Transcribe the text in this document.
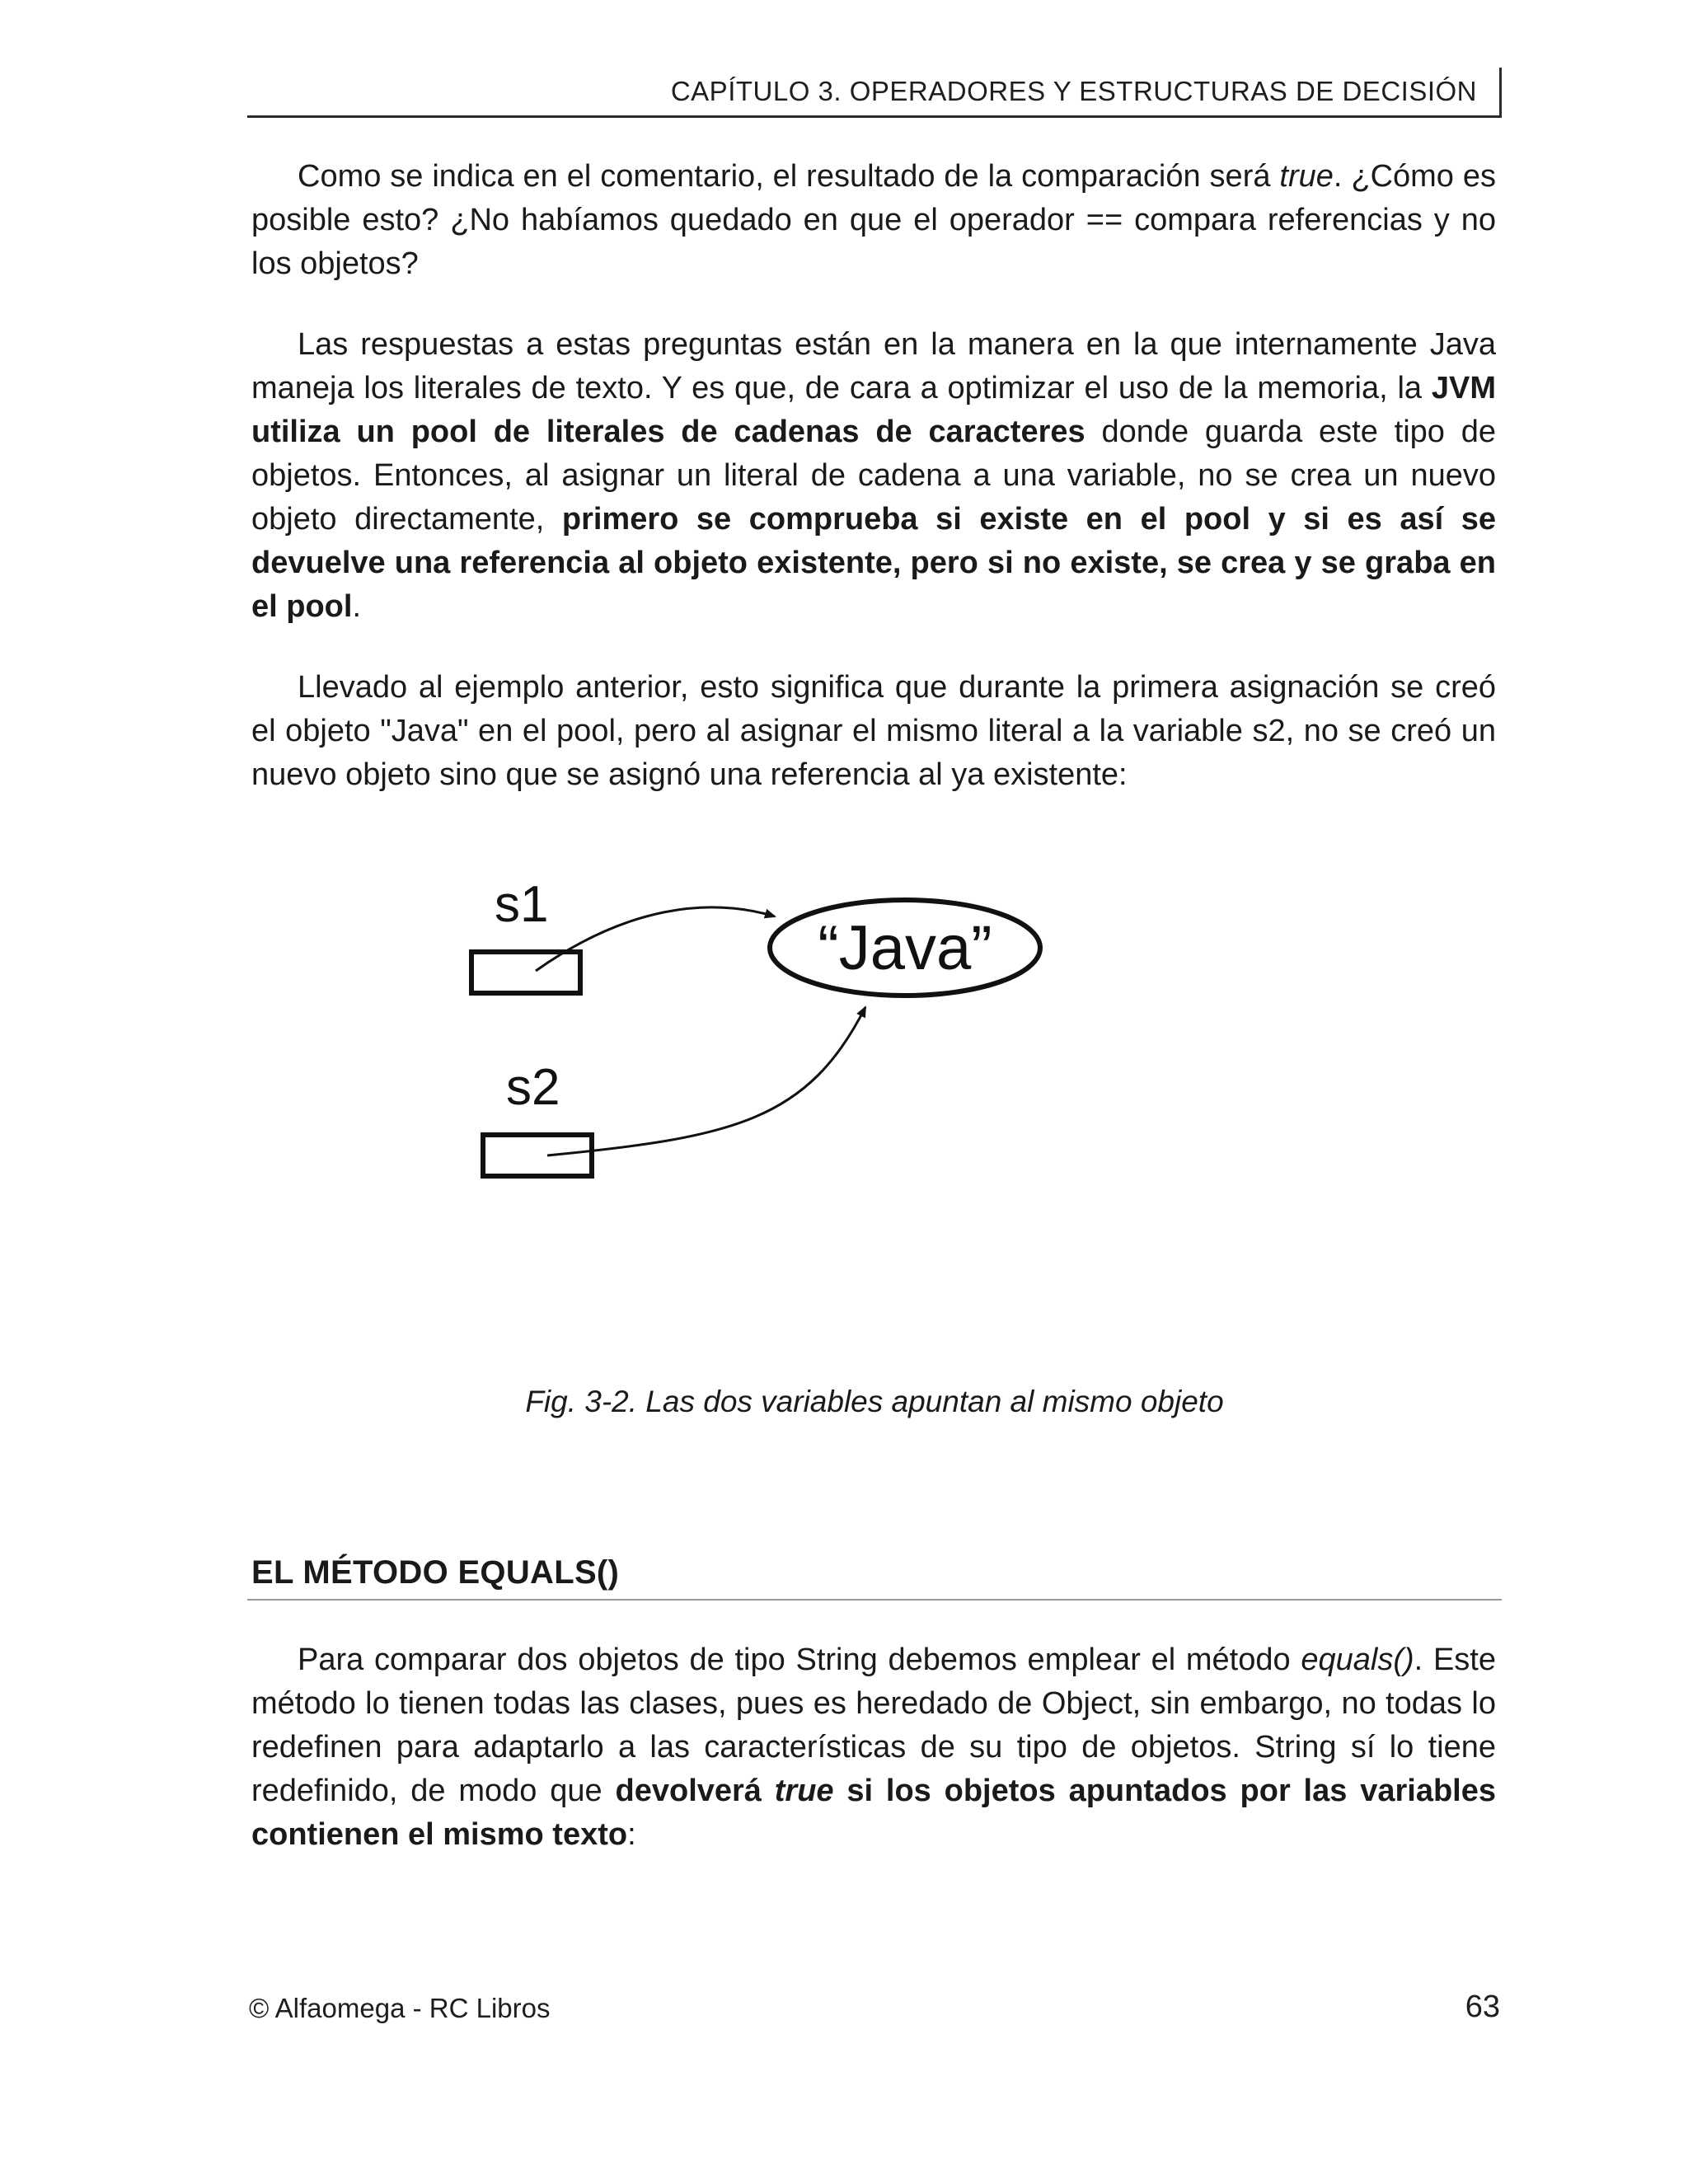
CAPÍTULO 3. OPERADORES Y ESTRUCTURAS DE DECISIÓN

Como se indica en el comentario, el resultado de la comparación será true. ¿Cómo es posible esto? ¿No habíamos quedado en que el operador == compara referencias y no los objetos?

Las respuestas a estas preguntas están en la manera en la que internamente Java maneja los literales de texto. Y es que, de cara a optimizar el uso de la memoria, la JVM utiliza un pool de literales de cadenas de caracteres donde guarda este tipo de objetos. Entonces, al asignar un literal de cadena a una variable, no se crea un nuevo objeto directamente, primero se comprueba si existe en el pool y si es así se devuelve una referencia al objeto existente, pero si no existe, se crea y se graba en el pool.

Llevado al ejemplo anterior, esto significa que durante la primera asignación se creó el objeto "Java" en el pool, pero al asignar el mismo literal a la variable s2, no se creó un nuevo objeto sino que se asignó una referencia al ya existente:

s1
s2
“Java”
Fig. 3-2. Las dos variables apuntan al mismo objeto
EL MÉTODO EQUALS()

Para comparar dos objetos de tipo String debemos emplear el método equals(). Este método lo tienen todas las clases, pues es heredado de Object, sin embargo, no todas lo redefinen para adaptarlo a las características de su tipo de objetos. String sí lo tiene redefinido, de modo que devolverá true si los objetos apuntados por las variables contienen el mismo texto:

© Alfaomega - RC Libros	63
